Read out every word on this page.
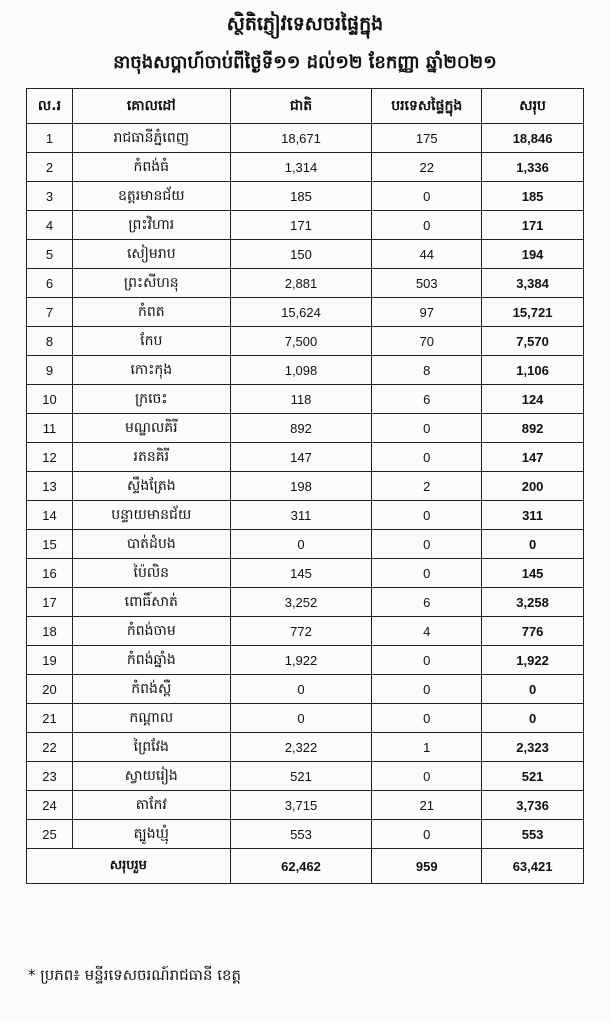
ស្ថិតិភ្ញៀវទេសចរផ្ទៃក្នុង
នាចុងសប្តាហ៍ចាប់ពីថ្ងៃទី១១ ដល់១២ ខែកញ្ញា ឆ្នាំ២០២១
ល.រ	គោលដៅ	ជាតិ	បរទេសផ្ទៃក្នុង	សរុប
1	រាជធានីភ្នំពេញ	18,671	175	18,846
2	កំពង់ធំ	1,314	22	1,336
3	ឧត្តរមានជ័យ	185	0	185
4	ព្រះវិហារ	171	0	171
5	សៀមរាប	150	44	194
6	ព្រះសីហនុ	2,881	503	3,384
7	កំពត	15,624	97	15,721
8	កែប	7,500	70	7,570
9	កោះកុង	1,098	8	1,106
10	ក្រចេះ	118	6	124
11	មណ្ឌលគិរី	892	0	892
12	រតនគិរី	147	0	147
13	ស្ទឹងត្រែង	198	2	200
14	បន្ទាយមានជ័យ	311	0	311
15	បាត់ដំបង	0	0	0
16	ប៉ៃលិន	145	0	145
17	ពោធិ៍សាត់	3,252	6	3,258
18	កំពង់ចាម	772	4	776
19	កំពង់ឆ្នាំង	1,922	0	1,922
20	កំពង់ស្ពឺ	0	0	0
21	កណ្តាល	0	0	0
22	ព្រៃវែង	2,322	1	2,323
23	ស្វាយរៀង	521	0	521
24	តាកែវ	3,715	21	3,736
25	ត្បូងឃ្មុំ	553	0	553
សរុបរួម		62,462	959	63,421
* ប្រភព៖ មន្ទីរទេសចរណ៍រាជធានី ខេត្ត
